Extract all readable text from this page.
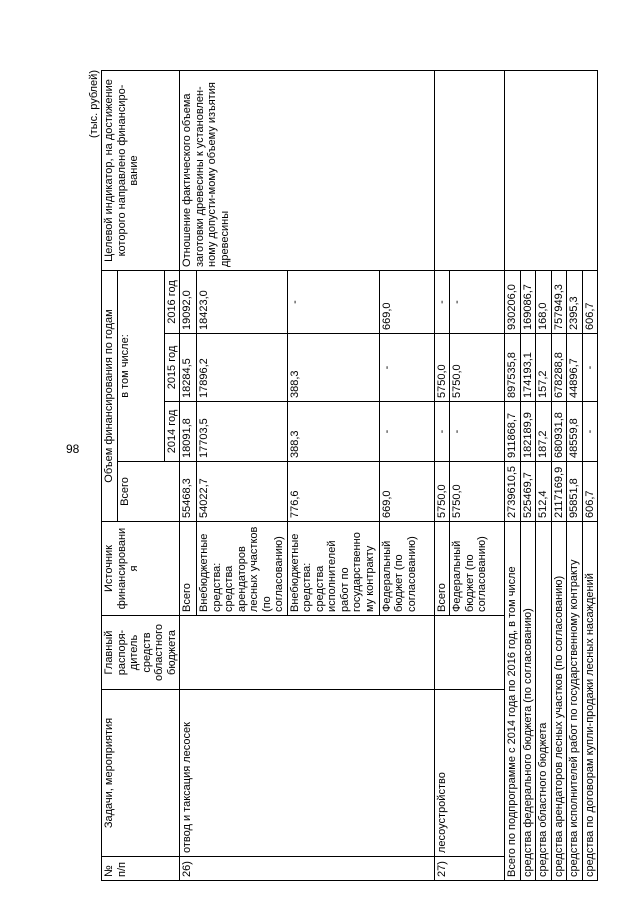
98
(тыс. рублей)
№ п/п	Задачи, мероприятия	Главный распоря-дитель средств областного бюджета	Источник финансирования	Объем финансирования по годам				Целевой индикатор, на достижение которого направлено финансиро-вание
				Всего	в том числе:			
					2014 год	2015 год	2016 год	
26)	отвод и таксация лесосек		Всего	55468,3	18091,8	18284,5	19092,0	Отношение фактического объема заготовки древесины к установлен-ному допусти-мому объему изъятия древесины
			Внебюджетные средства: средства арендаторов лесных участков (по согласованию)	54022,7	17703,5	17896,2	18423,0	
			Внебюджетные средства: средства исполнителей работ по государственному контракту	776,6	388,3	388,3	-	
			Федеральный бюджет (по согласованию)	669,0	-	-	669,0	
27)	лесоустройство		Всего	5750,0	-	5750,0	-	
			Федеральный бюджет (по согласованию)	5750,0	-	5750,0	-	
Всего по подпрограмме с 2014 года по 2016 год, в том числе				2739610,5	911868,7	897535,8	930206,0	
средства федерального бюджета (по согласованию)				525469,7	182189,9	174193,1	169086,7	
средства областного бюджета				512,4	187,2	157,2	168,0	
средства арендаторов лесных участков (по согласованию)				2117169,9	680931,8	678288,8	757949,3	
средства исполнителей работ по государственному контракту				95851,8	48559,8	44896,7	2395,3	
средства по договорам купли-продажи лесных насаждений				606,7	-	-	606,7	
